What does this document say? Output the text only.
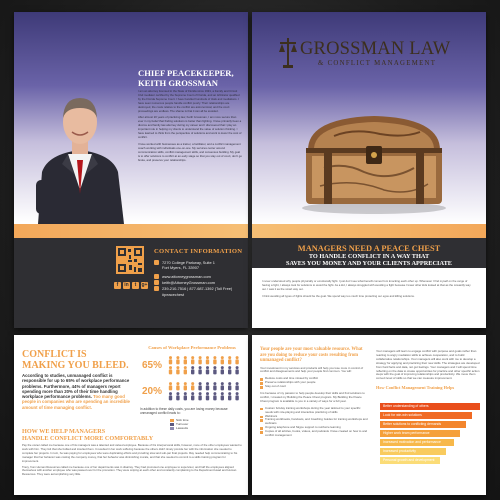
CHIEF PEACEKEEPER, KEITH GROSSMAN

I am an attorney licensed in the State of Florida since 1991, a Family and Circuit Civil mediator certified by the Supreme Court of Florida, and an Arbitrator qualified by the Florida Supreme Court. I have handled hundreds of trials and mediations. I have seen numerous people handle conflict poorly. Their relationships are destroyed, the costs relative to the conflict are astronomical, and the court proceedings are endless. The shame is that it can all be avoided.

After almost 20 years of practicing law, Keith Grossman, I am more secure than ever in my belief that finding solutions is better than fighting. I have primarily been a divorce and family law attorney during my career and I discovered that I play an important role in helping my clients to understand the value of solution thinking. I have learned to think from the perspective of solutions and work to lower the cost of conflict.

I have worked with businesses as a trainer, a facilitator, and a conflict management coach working with individuals one-on-one. My services center around communication skills, conflict management skills, and consensus building. My goal is to offer solutions to conflict at an early stage so that you stay out of court, don't go broke, and preserve your relationships.

CONTACT INFORMATION
7270 College Parkway, Suite 1
Fort Myers, FL 33907
www.attorneygrossman.com
keith@AttorneyGrossman.com
239-210-7516 | 877-687-1392 (Toll Free)
#peacechest
f	in	t	g+
GROSSMAN LAW
& CONFLICT MANAGEMENT
MANAGERS NEED A PEACE CHEST
TO HANDLE CONFLICT IN A WAY THAT
SAVES YOU MONEY AND YOUR CLIENTS APPRECIATE

I never understood why people physically or emotionally fight. I just don't see what benefit comes from knocking each other up. Whenever I find myself on the verge of having a fight, I always look for solutions to avoid the fight. As a kid, I always struggled with avoiding a fight because I knew other kids looked at that as the cowardly way out. I saw it as the smart way out.

I think avoiding all types of fights should be the goal. We spend way too much time protecting our egos and killing solutions.

CONFLICT IS
MAKING YOU BLEED.
According to studies, unmanaged conflict is responsible for up to 65% of workplace performance problems. Furthermore, 44% of managers report spending more than 20% of their time handling workplace performance problems. Too many good people in companies who are spending an incredible amount of time managing conflict.
Causes of Workplace Performance Problems
65%
20%
In addition to these daily costs, you are losing money because unmanaged conflict leads to:
Sick time
Turnover
Lawsuits
HOW WE HELP MANAGERS
HANDLE CONFLICT MORE COMFORTABLY

Pay the owner called me because one of his managers was a talented and valued employee. Because of his interpersonal skills, however, none of the other employees wanted to work with him. They felt that she bullied and insulted them. It resulted in her work suffering because the others didn't timely provide her with the information she needed to complete her projects. In turn, he was paying for employees who were duplicating efforts and providing slow and sub-par final projects. Ray needed help communicating to his manager that her behavior was costing the company money, that her behavior was diminishing morale, and that she needed to commit to a skills training program for improvement.

Tracy, from Human Resources called me because one of her departments was in disarray. They had promoted one employee to supervisor, and half the employees aligned themselves with another employee who was passed over for the promotion. They were sniping at each other and constantly complaining to the Department Head and Human Resources. They were accomplishing very little.

Your people are your most valuable resource. What are you doing to reduce your costs resulting from unmanaged conflict?
Your investment in my services and products will help you lose more in control of conflict and disagreements and help your people find common. You will:
Reduce costs and time missed by conflict
Preserve relationships with your people
Stay out of court
It is because of my passion to help people develop their skills and find solutions to conflict, I created my Building the Peace Chest program. My Building the Peace Chest program is available to you in a variety of ways for a full year.
Custom full-day training workshops during the year tailored to your specific needs with role-playing and interactive practicing of skills
Webinars
Training workbooks, handouts, and Coaching Guides for training workshops and webinars
Ongoing telephone and Skype support to reinforce learning
Copies of all articles, books, videos, and podcasts I have created on how to and conflict management
Your managers will learn to engage conflict with purpose and goals rather than reacting to angry mediation skills to achieve cooperation, and to build collaborative relationships. Your managers will also work with me to develop a strategy for applying and practicing their new skills. The strategies are developed from hard facts and data, not gut feelings. Your managers and I will spend time reflecting on the data to create opportunities for practice and other specific action steps with the goal of improving relationships and productivity. We move them convert level of skills so that we can measure improvement.
How Conflict Management Training Helps
Better understanding of others
Look for win-win solutions
Better solutions to conflicting demands
Higher work team performance
Increased motivation and performance
Increased productivity
Personal growth and development
